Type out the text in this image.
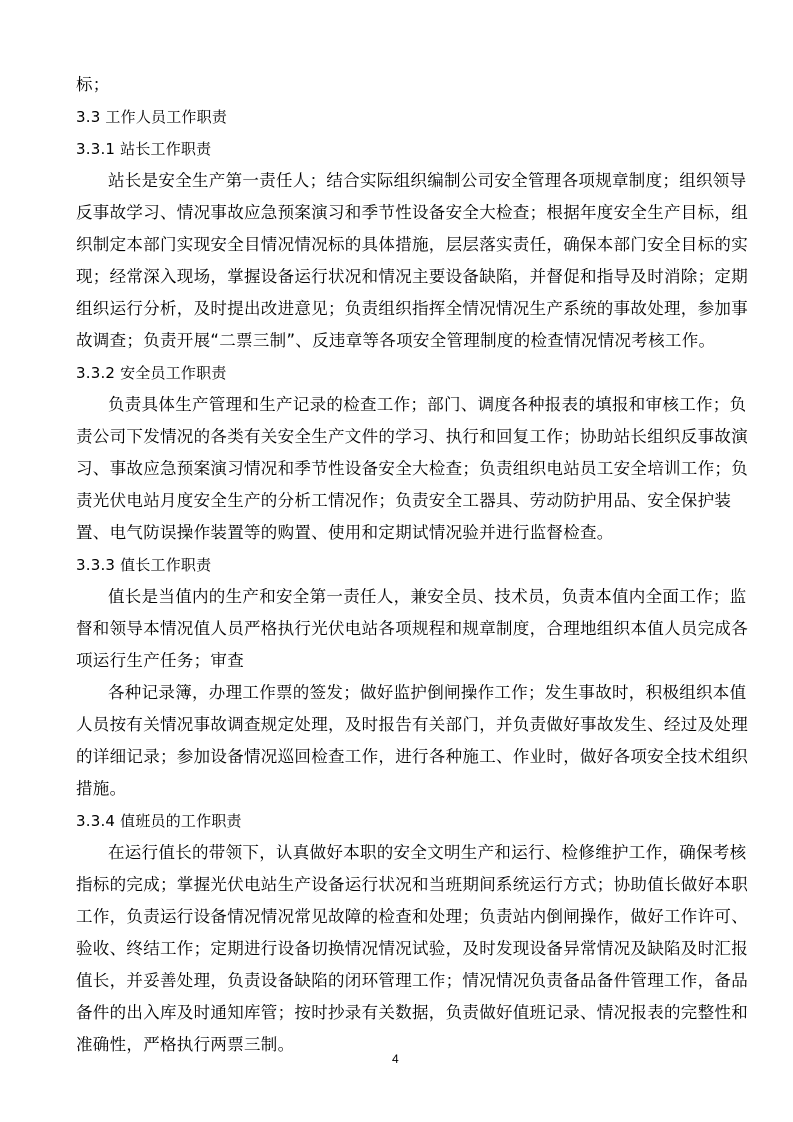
标；
3.3 工作人员工作职责
3.3.1 站长工作职责
站长是安全生产第一责任人；结合实际组织编制公司安全管理各项规章制度；组织领导
反事故学习、情况事故应急预案演习和季节性设备安全大检查；根据年度安全生产目标，组
织制定本部门实现安全目情况情况标的具体措施，层层落实责任，确保本部门安全目标的实
现；经常深入现场，掌握设备运行状况和情况主要设备缺陷，并督促和指导及时消除；定期
组织运行分析，及时提出改进意见；负责组织指挥全情况情况生产系统的事故处理，参加事
故调查；负责开展“二票三制”、反违章等各项安全管理制度的检查情况情况考核工作。
3.3.2 安全员工作职责
负责具体生产管理和生产记录的检查工作；部门、调度各种报表的填报和审核工作；负
责公司下发情况的各类有关安全生产文件的学习、执行和回复工作；协助站长组织反事故演
习、事故应急预案演习情况和季节性设备安全大检查；负责组织电站员工安全培训工作；负
责光伏电站月度安全生产的分析工情况作；负责安全工器具、劳动防护用品、安全保护装
置、电气防误操作装置等的购置、使用和定期试情况验并进行监督检查。
3.3.3 值长工作职责
值长是当值内的生产和安全第一责任人，兼安全员、技术员，负责本值内全面工作；监
督和领导本情况值人员严格执行光伏电站各项规程和规章制度，合理地组织本值人员完成各
项运行生产任务；审查
各种记录簿，办理工作票的签发；做好监护倒闸操作工作；发生事故时，积极组织本值
人员按有关情况事故调查规定处理，及时报告有关部门，并负责做好事故发生、经过及处理
的详细记录；参加设备情况巡回检查工作，进行各种施工、作业时，做好各项安全技术组织
措施。
3.3.4 值班员的工作职责
在运行值长的带领下，认真做好本职的安全文明生产和运行、检修维护工作，确保考核
指标的完成；掌握光伏电站生产设备运行状况和当班期间系统运行方式；协助值长做好本职
工作，负责运行设备情况情况常见故障的检查和处理；负责站内倒闸操作，做好工作许可、
验收、终结工作；定期进行设备切换情况情况试验，及时发现设备异常情况及缺陷及时汇报
值长，并妥善处理，负责设备缺陷的闭环管理工作；情况情况负责备品备件管理工作，备品
备件的出入库及时通知库管；按时抄录有关数据，负责做好值班记录、情况报表的完整性和
准确性，严格执行两票三制。
4
